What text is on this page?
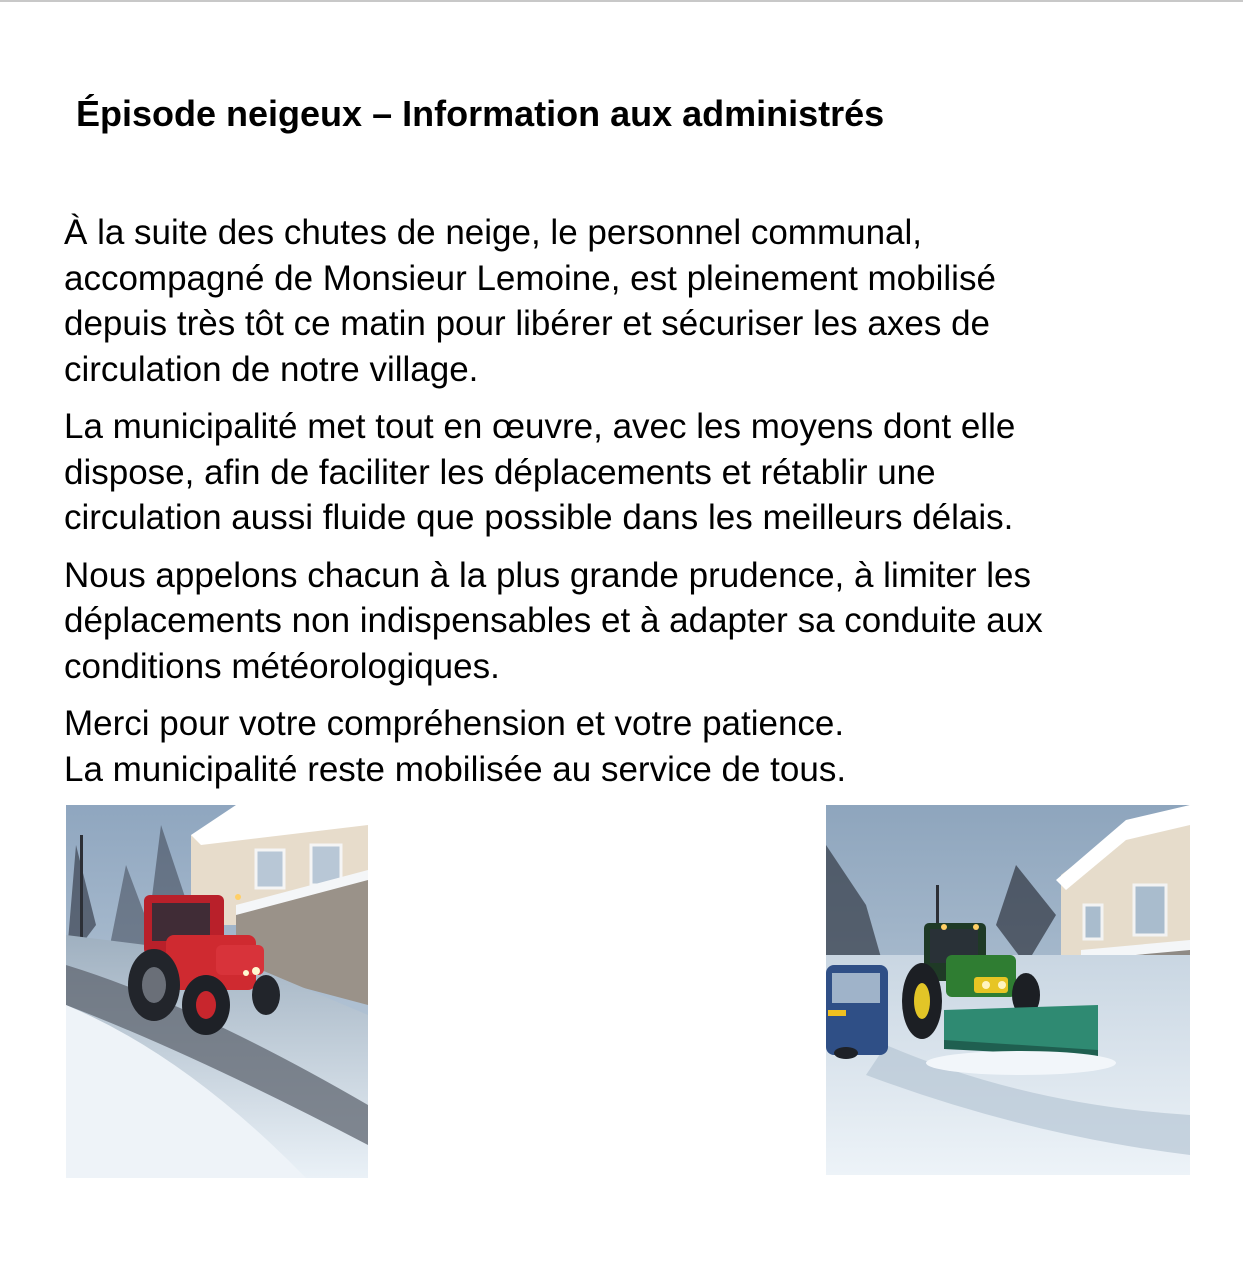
Épisode neigeux – Information aux administrés

À la suite des chutes de neige, le personnel communal,
accompagné de Monsieur Lemoine, est pleinement mobilisé
depuis très tôt ce matin pour libérer et sécuriser les axes de
circulation de notre village.

La municipalité met tout en œuvre, avec les moyens dont elle
dispose, afin de faciliter les déplacements et rétablir une
circulation aussi fluide que possible dans les meilleurs délais.

Nous appelons chacun à la plus grande prudence, à limiter les
déplacements non indispensables et à adapter sa conduite aux
conditions météorologiques.

Merci pour votre compréhension et votre patience.
La municipalité reste mobilisée au service de tous.
